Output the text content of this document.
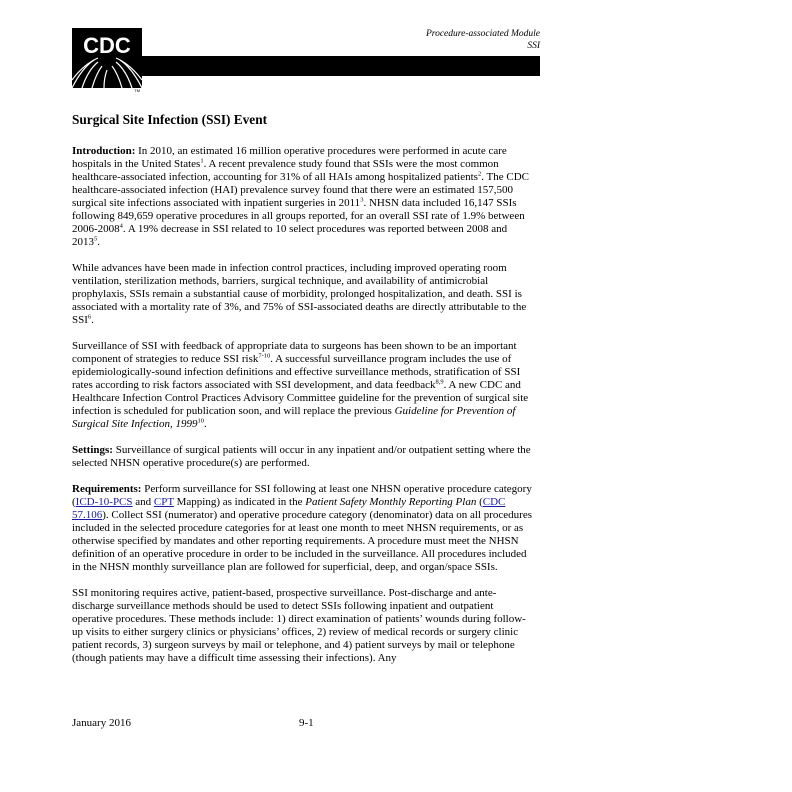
Procedure-associated Module
SSI
CDC
TM
Surgical Site Infection (SSI) Event

Introduction: In 2010, an estimated 16 million operative procedures were performed in acute care hospitals in the United States$^1$. A recent prevalence study found that SSIs were the most common healthcare-associated infection, accounting for 31% of all HAIs among hospitalized patients$^2$. The CDC healthcare-associated infection (HAI) prevalence survey found that there were an estimated 157,500 surgical site infections associated with inpatient surgeries in 2011$^3$. NHSN data included 16,147 SSIs following 849,659 operative procedures in all groups reported, for an overall SSI rate of 1.9% between 2006-2008$^4$. A 19% decrease in SSI related to 10 select procedures was reported between 2008 and 2013$^5$.

While advances have been made in infection control practices, including improved operating room ventilation, sterilization methods, barriers, surgical technique, and availability of antimicrobial prophylaxis, SSIs remain a substantial cause of morbidity, prolonged hospitalization, and death. SSI is associated with a mortality rate of 3%, and 75% of SSI-associated deaths are directly attributable to the SSI$^6$.

Surveillance of SSI with feedback of appropriate data to surgeons has been shown to be an important component of strategies to reduce SSI risk$^{7-10}$. A successful surveillance program includes the use of epidemiologically-sound infection definitions and effective surveillance methods, stratification of SSI rates according to risk factors associated with SSI development, and data feedback$^{8,9}$. A new CDC and Healthcare Infection Control Practices Advisory Committee guideline for the prevention of surgical site infection is scheduled for publication soon, and will replace the previous Guideline for Prevention of Surgical Site Infection, 1999$^{10}$.

Settings: Surveillance of surgical patients will occur in any inpatient and/or outpatient setting where the selected NHSN operative procedure(s) are performed.

Requirements: Perform surveillance for SSI following at least one NHSN operative procedure category (ICD-10-PCS and CPT Mapping) as indicated in the Patient Safety Monthly Reporting Plan (CDC 57.106). Collect SSI (numerator) and operative procedure category (denominator) data on all procedures included in the selected procedure categories for at least one month to meet NHSN requirements, or as otherwise specified by mandates and other reporting requirements. A procedure must meet the NHSN definition of an operative procedure in order to be included in the surveillance. All procedures included in the NHSN monthly surveillance plan are followed for superficial, deep, and organ/space SSIs.

SSI monitoring requires active, patient-based, prospective surveillance. Post-discharge and ante-discharge surveillance methods should be used to detect SSIs following inpatient and outpatient operative procedures. These methods include: 1) direct examination of patients’ wounds during follow-up visits to either surgery clinics or physicians’ offices, 2) review of medical records or surgery clinic patient records, 3) surgeon surveys by mail or telephone, and 4) patient surveys by mail or telephone (though patients may have a difficult time assessing their infections). Any

January 2016	9-1
